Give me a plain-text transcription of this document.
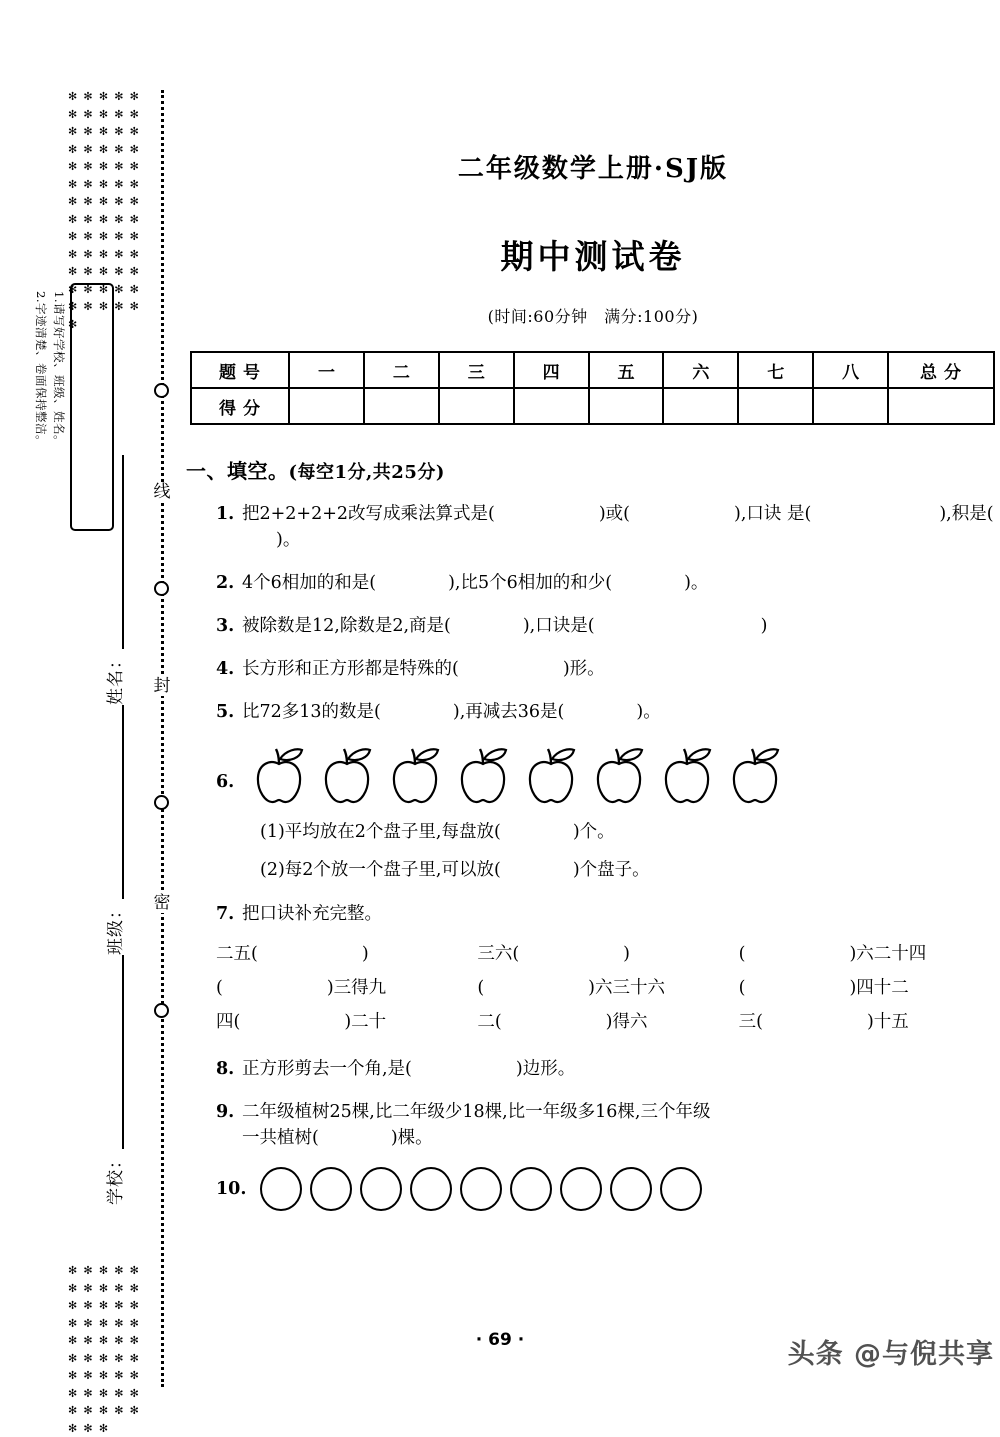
✻✻✻✻✻✻✻✻✻✻✻✻✻✻✻✻✻✻✻✻✻✻✻✻✻✻✻✻✻✻✻✻✻✻✻✻✻✻✻✻✻✻✻✻✻✻✻✻✻✻✻✻✻✻✻✻✻✻✻✻✻✻✻✻✻✻
1.请写好学校、班级、姓名。
2.字迹清楚、卷面保持整洁。
线
封
密
姓名：
班级：
学校：
✻✻✻✻✻✻✻✻✻✻✻✻✻✻✻✻✻✻✻✻✻✻✻✻✻✻✻✻✻✻✻✻✻✻✻✻✻✻✻✻✻✻✻✻✻✻✻✻
二年级数学上册·SJ版
期中测试卷
(时间:60分钟　满分:100分)
题号	一	二	三	四	五	六	七	八	总分
得分									
一、填空。(每空1分,共25分)
1. 把2+2+2+2改写成乘法算式是(	)或(	),口诀 是(	),积是()。
2. 4个6相加的和是(	),比5个6相加的和少(	)。
3. 被除数是12,除数是2,商是(	),口诀是(	)
4. 长方形和正方形都是特殊的(	)形。
5. 比72多13的数是(	),再减去36是(	)。
6.
(1)平均放在2个盘子里,每盘放(	)个。
(2)每2个放一个盘子里,可以放(	)个盘子。
7. 把口诀补充完整。
二五(	)	三六(	)	(	)六二十四
(	)三得九	(	)六三十六	(	)四十二
四(	)二十	二(	)得六	三(	)十五
8. 正方形剪去一个角,是(	)边形。
9. 二年级植树25棵,比二年级少18棵,比一年级多16棵,三个年级
一共植树(	)棵。
10.
· 69 ·	头条 @与倪共享
